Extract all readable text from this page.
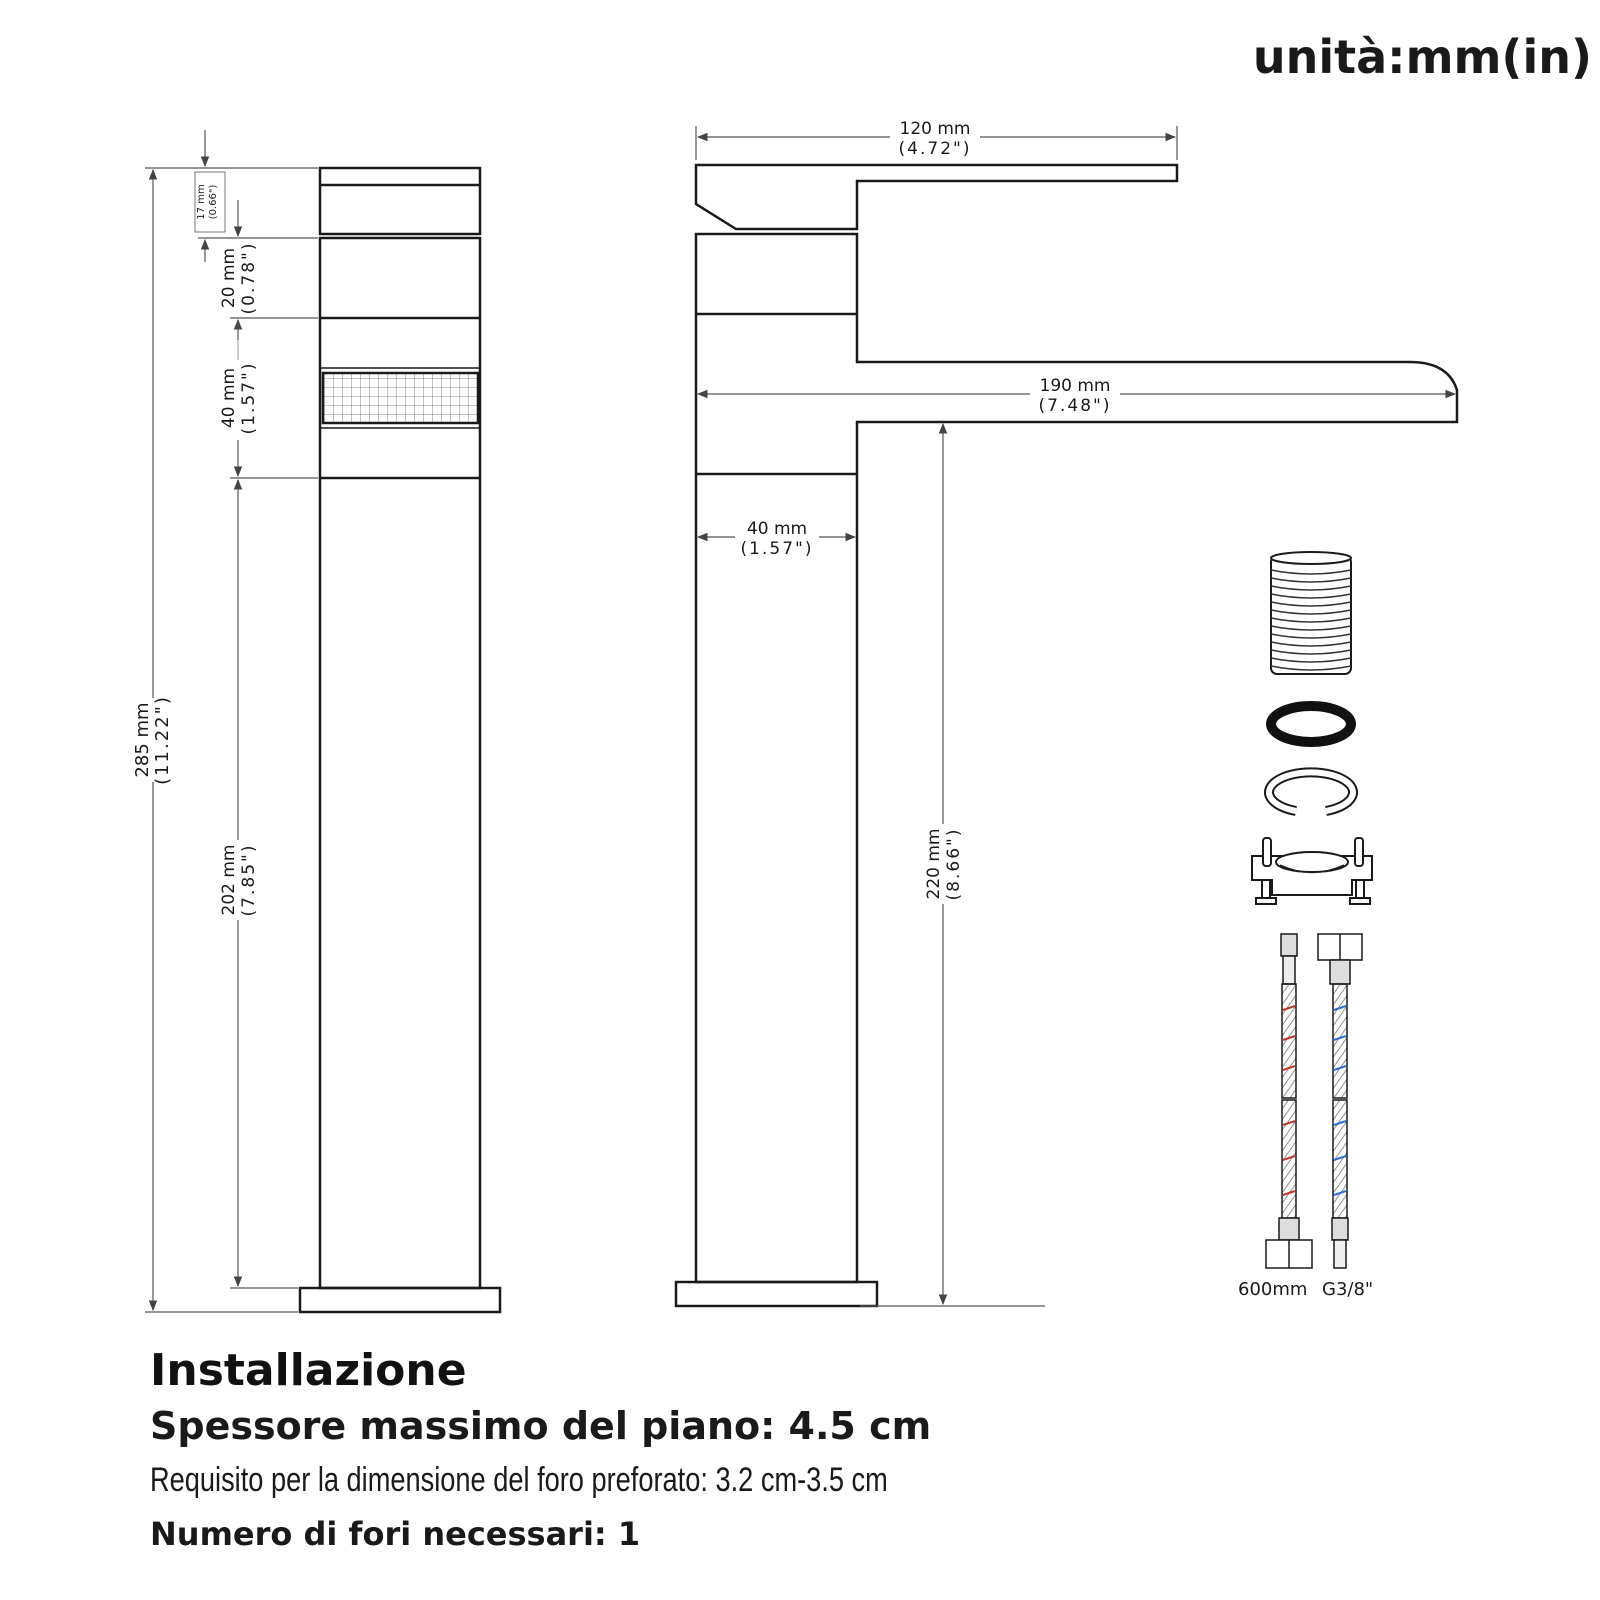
unità:mm(in)
285 mm (11.22")
17 mm (0.66")
20 mm (0.78")
40 mm (1.57")
202 mm (7.85")
120 mm
(4.72")
190 mm
(7.48")
40 mm
(1.57")
220 mm (8.66")
600mm G3/8"
Installazione
Spessore massimo del piano: 4.5 cm
Requisito per la dimensione del foro preforato: 3.2 cm-3.5 cm
Numero di fori necessari: 1
